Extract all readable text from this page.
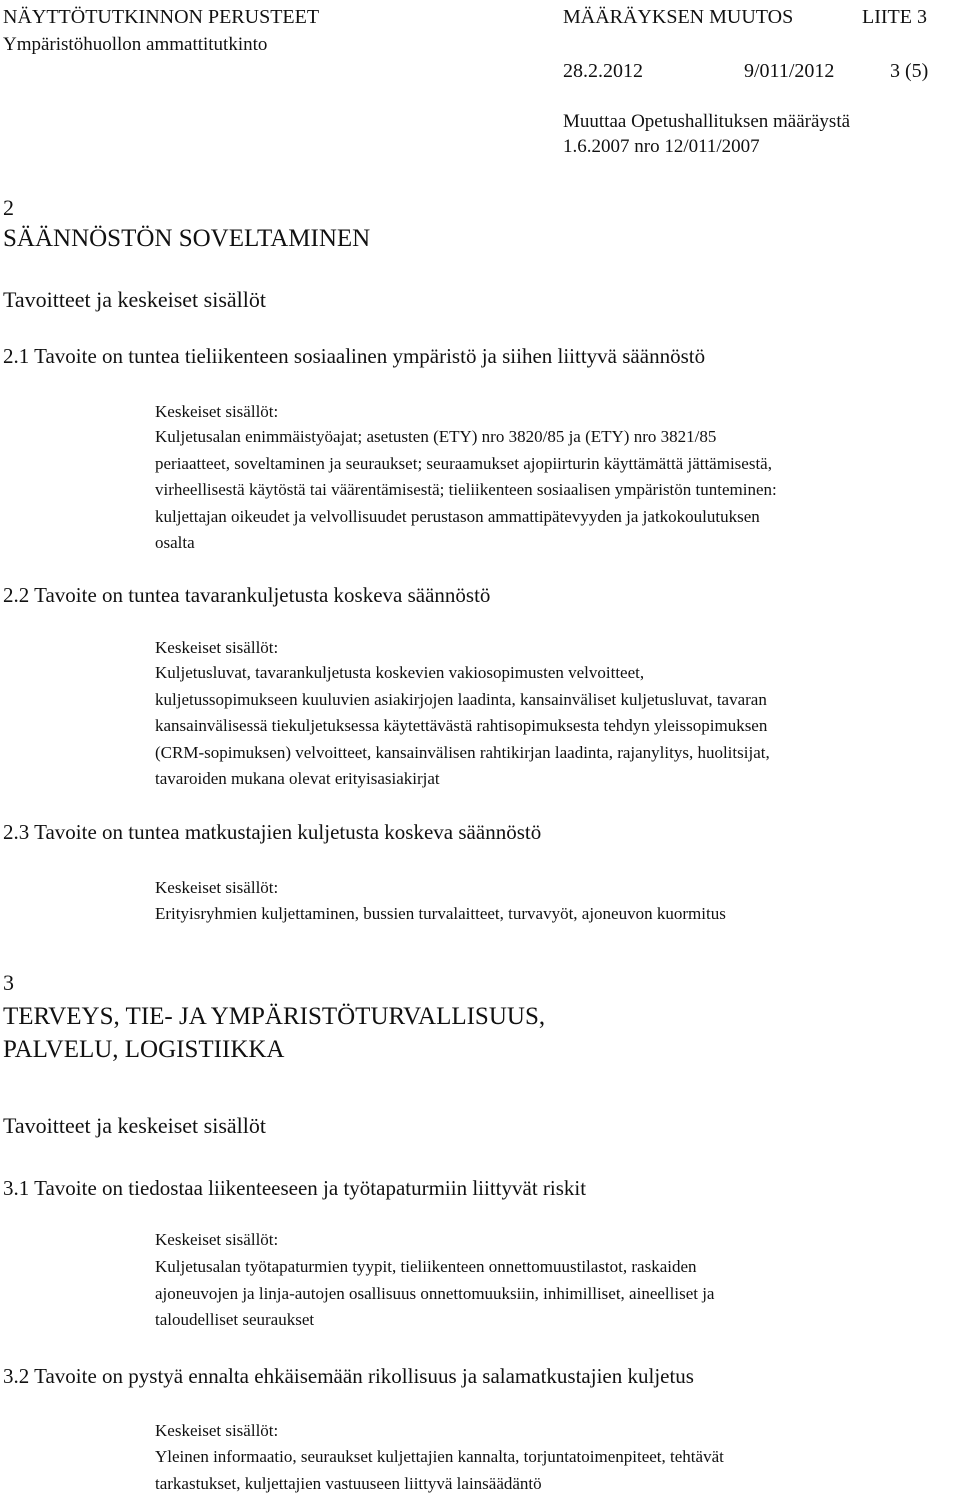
NÄYTTÖTUTKINNON PERUSTEET
Ympäristöhuollon ammattitutkinto
MÄÄRÄYKSEN MUUTOS	LIITE 3
28.2.2012	9/011/2012	3 (5)
Muuttaa Opetushallituksen määräystä
1.6.2007 nro 12/011/2007
2
SÄÄNNÖSTÖN SOVELTAMINEN
Tavoitteet ja keskeiset sisällöt
2.1 Tavoite on tuntea tieliikenteen sosiaalinen ympäristö ja siihen liittyvä säännöstö
Keskeiset sisällöt:
Kuljetusalan enimmäistyöajat; asetusten (ETY) nro 3820/85 ja (ETY) nro 3821/85
periaatteet, soveltaminen ja seuraukset; seuraamukset ajopiirturin käyttämättä jättämisestä,
virheellisestä käytöstä tai väärentämisestä; tieliikenteen sosiaalisen ympäristön tunteminen:
kuljettajan oikeudet ja velvollisuudet perustason ammattipätevyyden ja jatkokoulutuksen
osalta
2.2 Tavoite on tuntea tavarankuljetusta koskeva säännöstö
Keskeiset sisällöt:
Kuljetusluvat, tavarankuljetusta koskevien vakiosopimusten velvoitteet,
kuljetussopimukseen kuuluvien asiakirjojen laadinta, kansainväliset kuljetusluvat, tavaran
kansainvälisessä tiekuljetuksessa käytettävästä rahtisopimuksesta tehdyn yleissopimuksen
(CRM-sopimuksen) velvoitteet, kansainvälisen rahtikirjan laadinta, rajanylitys, huolitsijat,
tavaroiden mukana olevat erityisasiakirjat
2.3 Tavoite on tuntea matkustajien kuljetusta koskeva säännöstö
Keskeiset sisällöt:
Erityisryhmien kuljettaminen, bussien turvalaitteet, turvavyöt, ajoneuvon kuormitus
3
TERVEYS, TIE- JA YMPÄRISTÖTURVALLISUUS,
PALVELU, LOGISTIIKKA
Tavoitteet ja keskeiset sisällöt
3.1 Tavoite on tiedostaa liikenteeseen ja työtapaturmiin liittyvät riskit
Keskeiset sisällöt:
Kuljetusalan työtapaturmien tyypit, tieliikenteen onnettomuustilastot, raskaiden
ajoneuvojen ja linja-autojen osallisuus onnettomuuksiin, inhimilliset, aineelliset ja
taloudelliset seuraukset
3.2 Tavoite on pystyä ennalta ehkäisemään rikollisuus ja salamatkustajien kuljetus
Keskeiset sisällöt:
Yleinen informaatio, seuraukset kuljettajien kannalta, torjuntatoimenpiteet, tehtävät
tarkastukset, kuljettajien vastuuseen liittyvä lainsäädäntö
